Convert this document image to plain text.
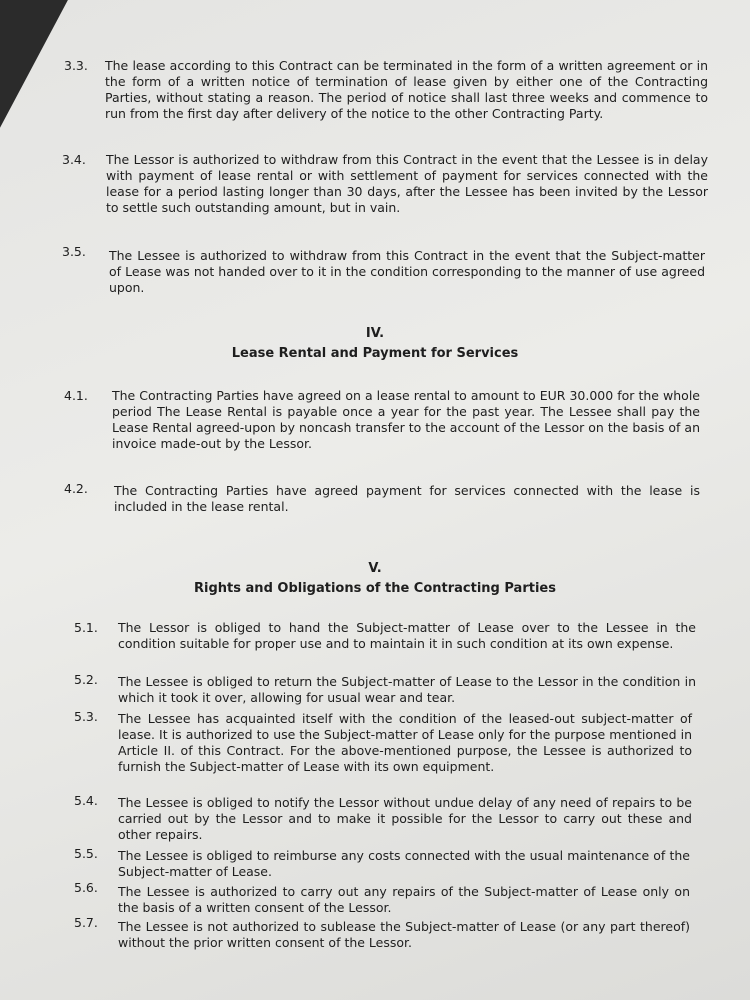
3.3. The lease according to this Contract can be terminated in the form of a written agreement or in the form of a written notice of termination of lease given by either one of the Contracting Parties, without stating a reason. The period of notice shall last three weeks and commence to run from the first day after delivery of the notice to the other Contracting Party.
3.4. The Lessor is authorized to withdraw from this Contract in the event that the Lessee is in delay with payment of lease rental or with settlement of payment for services connected with the lease for a period lasting longer than 30 days, after the Lessee has been invited by the Lessor to settle such outstanding amount, but in vain.
3.5. The Lessee is authorized to withdraw from this Contract in the event that the Subject-matter of Lease was not handed over to it in the condition corresponding to the manner of use agreed upon.
IV.
Lease Rental and Payment for Services
4.1. The Contracting Parties have agreed on a lease rental to amount to EUR 30.000 for the whole period The Lease Rental is payable once a year for the past year. The Lessee shall pay the Lease Rental agreed-upon by noncash transfer to the account of the Lessor on the basis of an invoice made-out by the Lessor.
4.2. The Contracting Parties have agreed payment for services connected with the lease is included in the lease rental.
V.
Rights and Obligations of the Contracting Parties
5.1. The Lessor is obliged to hand the Subject-matter of Lease over to the Lessee in the condition suitable for proper use and to maintain it in such condition at its own expense.
5.2. The Lessee is obliged to return the Subject-matter of Lease to the Lessor in the condition in which it took it over, allowing for usual wear and tear.
5.3. The Lessee has acquainted itself with the condition of the leased-out subject-matter of lease. It is authorized to use the Subject-matter of Lease only for the purpose mentioned in Article II. of this Contract. For the above-mentioned purpose, the Lessee is authorized to furnish the Subject-matter of Lease with its own equipment.
5.4. The Lessee is obliged to notify the Lessor without undue delay of any need of repairs to be carried out by the Lessor and to make it possible for the Lessor to carry out these and other repairs.
5.5. The Lessee is obliged to reimburse any costs connected with the usual maintenance of the Subject-matter of Lease.
5.6. The Lessee is authorized to carry out any repairs of the Subject-matter of Lease only on the basis of a written consent of the Lessor.
5.7. The Lessee is not authorized to sublease the Subject-matter of Lease (or any part thereof) without the prior written consent of the Lessor.
